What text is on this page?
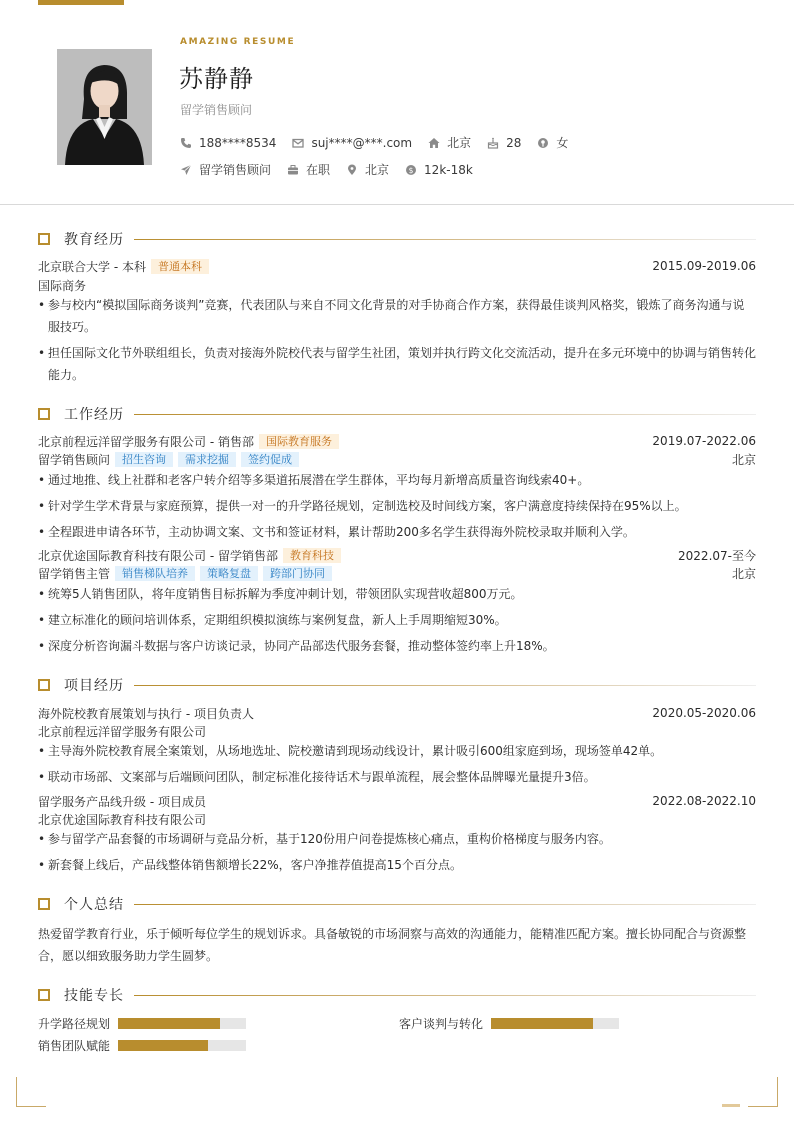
AMAZING RESUME
苏静静
留学销售顾问
188****8534	suj****@***.com	北京	28	女
留学销售顾问	在职	北京	$ 12k-18k
教育经历
北京联合大学 - 本科	普通本科	2015.09-2019.06
国际商务
• 参与校内“模拟国际商务谈判”竞赛，代表团队与来自不同文化背景的对手协商合作方案，获得最佳谈判风格奖，锻炼了商务沟通与说服技巧。
• 担任国际文化节外联组组长，负责对接海外院校代表与留学生社团，策划并执行跨文化交流活动，提升在多元环境中的协调与销售转化能力。
工作经历
北京前程远洋留学服务有限公司 - 销售部	国际教育服务	2019.07-2022.06
留学销售顾问	招生咨询	需求挖掘	签约促成	北京
• 通过地推、线上社群和老客户转介绍等多渠道拓展潜在学生群体，平均每月新增高质量咨询线索40+。
• 针对学生学术背景与家庭预算，提供一对一的升学路径规划，定制选校及时间线方案，客户满意度持续保持在95%以上。
• 全程跟进申请各环节，主动协调文案、文书和签证材料，累计帮助200多名学生获得海外院校录取并顺利入学。
北京优途国际教育科技有限公司 - 留学销售部	教育科技	2022.07-至今
留学销售主管	销售梯队培养	策略复盘	跨部门协同	北京
• 统筹5人销售团队，将年度销售目标拆解为季度冲刺计划，带领团队实现营收超800万元。
• 建立标准化的顾问培训体系，定期组织模拟演练与案例复盘，新人上手周期缩短30%。
• 深度分析咨询漏斗数据与客户访谈记录，协同产品部迭代服务套餐，推动整体签约率上升18%。
项目经历
海外院校教育展策划与执行 - 项目负责人	2020.05-2020.06
北京前程远洋留学服务有限公司
• 主导海外院校教育展全案策划，从场地选址、院校邀请到现场动线设计，累计吸引600组家庭到场，现场签单42单。
• 联动市场部、文案部与后端顾问团队，制定标准化接待话术与跟单流程，展会整体品牌曝光量提升3倍。
留学服务产品线升级 - 项目成员	2022.08-2022.10
北京优途国际教育科技有限公司
• 参与留学产品套餐的市场调研与竞品分析，基于120份用户问卷提炼核心痛点，重构价格梯度与服务内容。
• 新套餐上线后，产品线整体销售额增长22%，客户净推荐值提高15个百分点。
个人总结
热爱留学教育行业，乐于倾听每位学生的规划诉求。具备敏锐的市场洞察与高效的沟通能力，能精准匹配方案。擅长协同配合与资源整合，愿以细致服务助力学生圆梦。
技能专长
升学路径规划	客户谈判与转化
销售团队赋能
